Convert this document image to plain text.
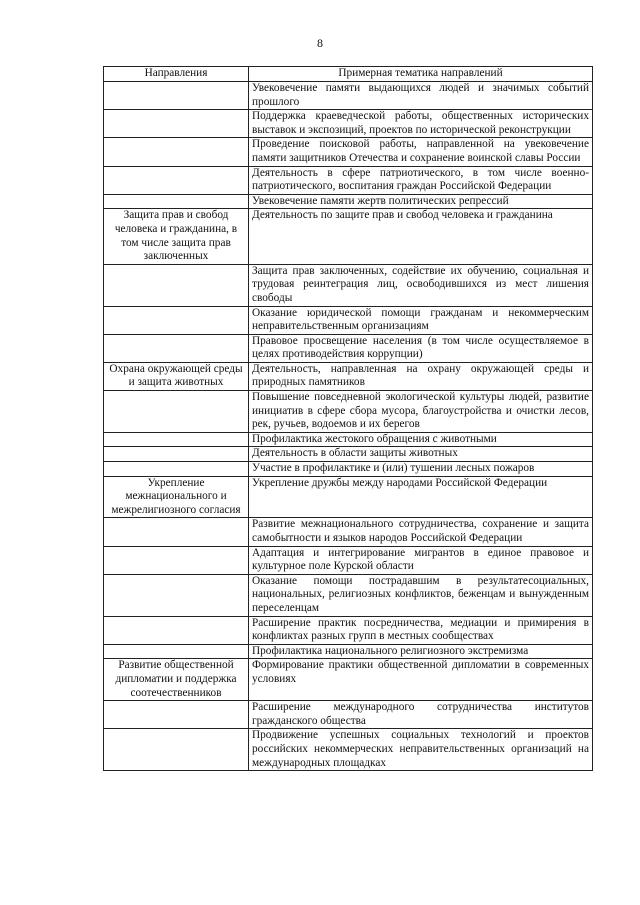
8
Направления	Примерная тематика направлений
	Увековечение памяти выдающихся людей и значимых событий прошлого
	Поддержка краеведческой работы, общественных исторических выставок и экспозиций, проектов по исторической реконструкции
	Проведение поисковой работы, направленной на увековечение памяти защитников Отечества и сохранение воинской славы России
	Деятельность в сфере патриотического, в том числе военно-патриотического, воспитания граждан Российской Федерации
	Увековечение памяти жертв политических репрессий
Защита прав и свобод человека и гражданина, в том числе защита прав заключенных	Деятельность по защите прав и свобод человека и гражданина
	Защита прав заключенных, содействие их обучению, социальная и трудовая реинтеграция лиц, освободившихся из мест лишения свободы
	Оказание юридической помощи гражданам и некоммерческим неправительственным организациям
	Правовое просвещение населения (в том числе осуществляемое в целях противодействия коррупции)
Охрана окружающей среды и защита животных	Деятельность, направленная на охрану окружающей среды и природных памятников
	Повышение повседневной экологической культуры людей, развитие инициатив в сфере сбора мусора, благоустройства и очистки лесов, рек, ручьев, водоемов и их берегов
	Профилактика жестокого обращения с животными
	Деятельность в области защиты животных
	Участие в профилактике и (или) тушении лесных пожаров
Укрепление межнационального и межрелигиозного согласия	Укрепление дружбы между народами Российской Федерации
	Развитие межнационального сотрудничества, сохранение и защита самобытности и языков народов Российской Федерации
	Адаптация и интегрирование мигрантов в единое правовое и культурное поле Курской области
	Оказание помощи пострадавшим в результатесоциальных, национальных, религиозных конфликтов, беженцам и вынужденным переселенцам
	Расширение практик посредничества, медиации и примирения в конфликтах разных групп в местных сообществах
	Профилактика национального религиозного экстремизма
Развитие общественной дипломатии и поддержка соотечественников	Формирование практики общественной дипломатии в современных условиях
	Расширение международного сотрудничества институтов гражданского общества
	Продвижение успешных социальных технологий и проектов российских некоммерческих неправительственных организаций на международных площадках
